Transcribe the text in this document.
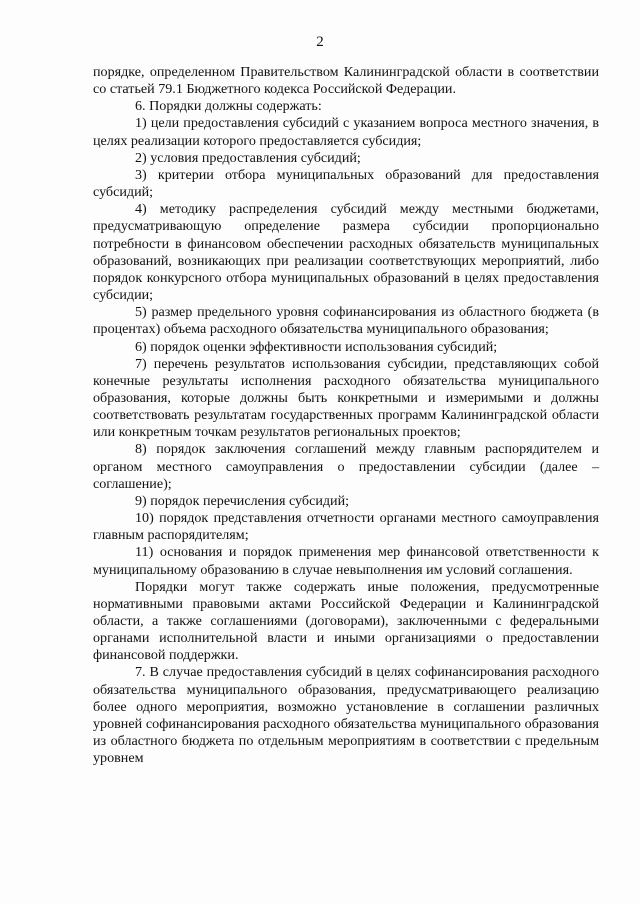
2

порядке, определенном Правительством Калининградской области в соответствии со статьей 79.1 Бюджетного кодекса Российской Федерации.

6. Порядки должны содержать:

1) цели предоставления субсидий с указанием вопроса местного значения, в целях реализации которого предоставляется субсидия;

2) условия предоставления субсидий;

3) критерии отбора муниципальных образований для предоставления субсидий;

4) методику распределения субсидий между местными бюджетами, предусматривающую определение размера субсидии пропорционально потребности в финансовом обеспечении расходных обязательств муниципальных образований, возникающих при реализации соответствующих мероприятий, либо порядок конкурсного отбора муниципальных образований в целях предоставления субсидии;

5) размер предельного уровня софинансирования из областного бюджета (в процентах) объема расходного обязательства муниципального образования;

6) порядок оценки эффективности использования субсидий;

7) перечень результатов использования субсидии, представляющих собой конечные результаты исполнения расходного обязательства муниципального образования, которые должны быть конкретными и измеримыми и должны соответствовать результатам государственных программ Калининградской области или конкретным точкам результатов региональных проектов;

8) порядок заключения соглашений между главным распорядителем и органом местного самоуправления о предоставлении субсидии (далее – соглашение);

9) порядок перечисления субсидий;

10) порядок представления отчетности органами местного самоуправления главным распорядителям;

11) основания и порядок применения мер финансовой ответственности к муниципальному образованию в случае невыполнения им условий соглашения.

Порядки могут также содержать иные положения, предусмотренные нормативными правовыми актами Российской Федерации и Калининградской области, а также соглашениями (договорами), заключенными с федеральными органами исполнительной власти и иными организациями о предоставлении финансовой поддержки.

7. В случае предоставления субсидий в целях софинансирования расходного обязательства муниципального образования, предусматривающего реализацию более одного мероприятия, возможно установление в соглашении различных уровней софинансирования расходного обязательства муниципального образования из областного бюджета по отдельным мероприятиям в соответствии с предельным уровнем
